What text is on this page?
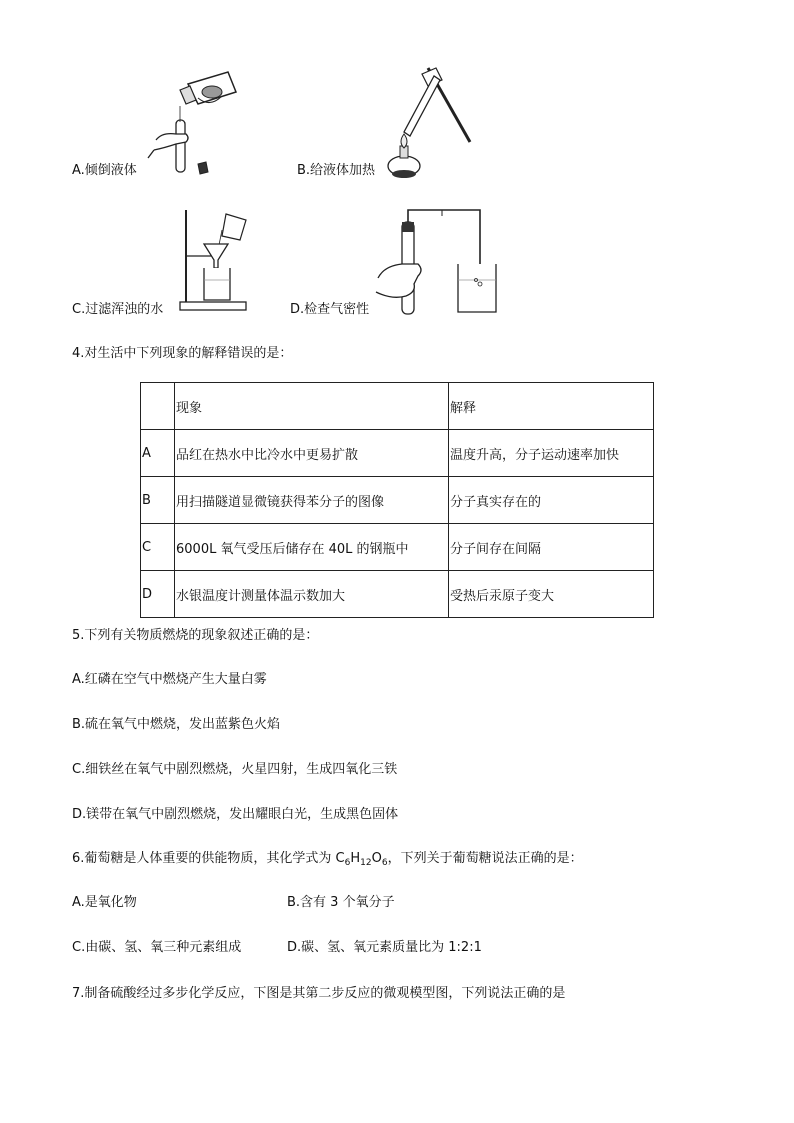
A.倾倒液体	B.给液体加热
C.过滤浑浊的水	D.检查气密性
4.对生活中下列现象的解释错误的是：
	现象	解释
A	品红在热水中比冷水中更易扩散	温度升高，分子运动速率加快
B	用扫描隧道显微镜获得苯分子的图像	分子真实存在的
C	6000L 氧气受压后储存在 40L 的钢瓶中	分子间存在间隔
D	水银温度计测量体温示数加大	受热后汞原子变大
5.下列有关物质燃烧的现象叙述正确的是：
A.红磷在空气中燃烧产生大量白雾
B.硫在氧气中燃烧，发出蓝紫色火焰
C.细铁丝在氧气中剧烈燃烧，火星四射，生成四氧化三铁
D.镁带在氧气中剧烈燃烧，发出耀眼白光，生成黑色固体
6.葡萄糖是人体重要的供能物质，其化学式为 $C_6H_{12}O_6$，下列关于葡萄糖说法正确的是：
A.是氧化物	B.含有 3 个氧分子
C.由碳、氢、氧三种元素组成	D.碳、氢、氧元素质量比为 1:2:1
7.制备硫酸经过多步化学反应，下图是其第二步反应的微观模型图，下列说法正确的是
